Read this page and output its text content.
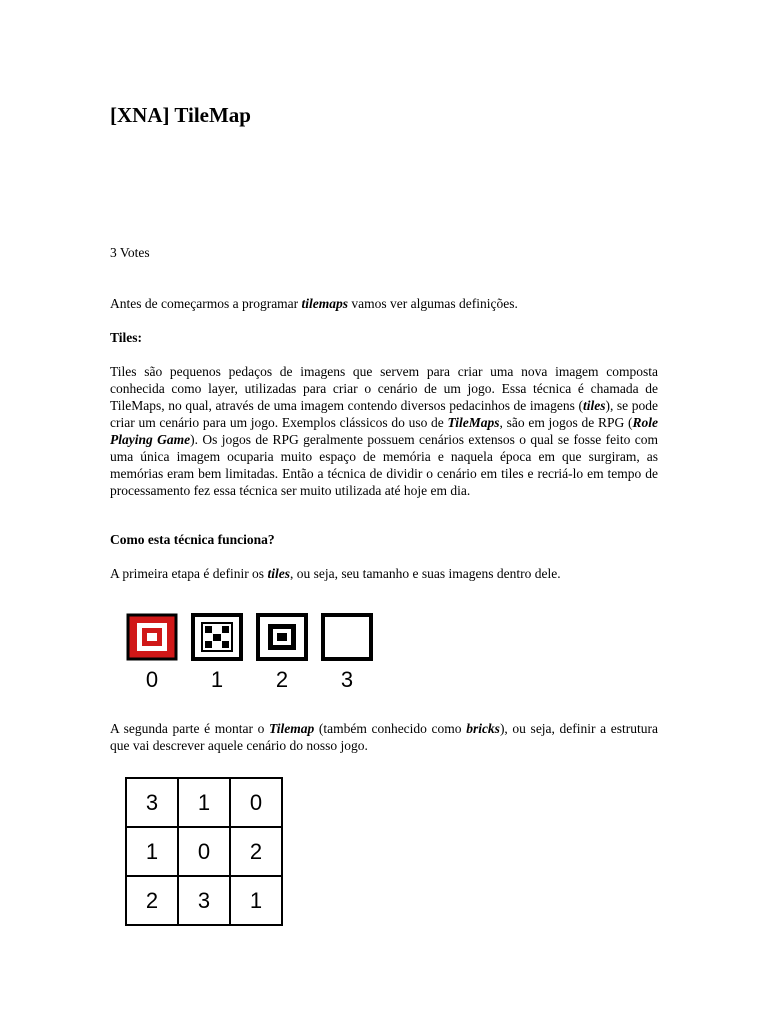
[XNA] TileMap
3 Votes
Antes de começarmos a programar tilemaps vamos ver algumas definições.
Tiles:
Tiles são pequenos pedaços de imagens que servem para criar uma nova imagem composta conhecida como layer, utilizadas para criar o cenário de um jogo. Essa técnica é chamada de TileMaps, no qual, através de uma imagem contendo diversos pedacinhos de imagens (tiles), se pode criar um cenário para um jogo. Exemplos clássicos do uso de TileMaps, são em jogos de RPG (Role Playing Game). Os jogos de RPG geralmente possuem cenários extensos o qual se fosse feito com uma única imagem ocuparia muito espaço de memória e naquela época em que surgiram, as memórias eram bem limitadas. Então a técnica de dividir o cenário em tiles e recriá-lo em tempo de processamento fez essa técnica ser muito utilizada até hoje em dia.
Como esta técnica funciona?
A primeira etapa é definir os tiles, ou seja, seu tamanho e suas imagens dentro dele.
A segunda parte é montar o Tilemap (também conhecido como bricks), ou seja, definir a estrutura que vai descrever aquele cenário do nosso jogo.
0	1	2	3
3	1	0
1	0	2
2	3	1
